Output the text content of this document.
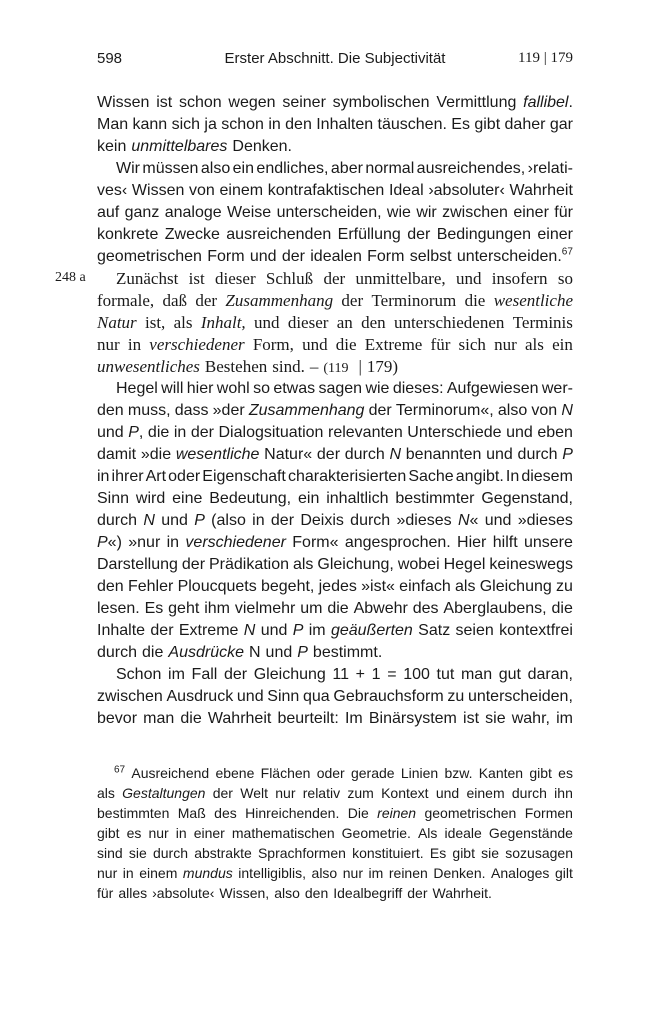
598	Erster Abschnitt. Die Subjectivität	119 | 179
248 a
Wissen ist schon wegen seiner symbolischen Vermittlung fallibel.
Man kann sich ja schon in den Inhalten täuschen. Es gibt daher gar
kein unmittelbares Denken.
Wir müssen also ein endliches, aber normal ausreichendes, ›relati-
ves‹ Wissen von einem kontrafaktischen Ideal ›absoluter‹ Wahrheit
auf ganz analoge Weise unterscheiden, wie wir zwischen einer für
konkrete Zwecke ausreichenden Erfüllung der Bedingungen einer
geometrischen Form und der idealen Form selbst unterscheiden.$^{67}$
Zunächst ist dieser Schluß der unmittelbare, und insofern so
formale, daß der Zusammenhang der Terminorum die wesentliche
Natur ist, als Inhalt, und dieser an den unterschiedenen Terminis
nur in verschiedener Form, und die Extreme für sich nur als ein
unwesentliches Bestehen sind. – (119 | 179)
Hegel will hier wohl so etwas sagen wie dieses: Aufgewiesen wer-
den muss, dass »der Zusammenhang der Terminorum«, also von N
und P, die in der Dialogsituation relevanten Unterschiede und eben
damit »die wesentliche Natur« der durch N benannten und durch P
in ihrer Art oder Eigenschaft charakterisierten Sache angibt. In diesem
Sinn wird eine Bedeutung, ein inhaltlich bestimmter Gegenstand,
durch N und P (also in der Deixis durch »dieses N« und »dieses
P«) »nur in verschiedener Form« angesprochen. Hier hilft unsere
Darstellung der Prädikation als Gleichung, wobei Hegel keineswegs
den Fehler Ploucquets begeht, jedes »ist« einfach als Gleichung zu
lesen. Es geht ihm vielmehr um die Abwehr des Aberglaubens, die
Inhalte der Extreme N und P im geäußerten Satz seien kontextfrei
durch die Ausdrücke N und P bestimmt.
Schon im Fall der Gleichung 11 + 1 = 100 tut man gut daran,
zwischen Ausdruck und Sinn qua Gebrauchsform zu unterscheiden,
bevor man die Wahrheit beurteilt: Im Binärsystem ist sie wahr, im
$^{67}$ Ausreichend ebene Flächen oder gerade Linien bzw. Kanten gibt es
als Gestaltungen der Welt nur relativ zum Kontext und einem durch ihn
bestimmten Maß des Hinreichenden. Die reinen geometrischen Formen
gibt es nur in einer mathematischen Geometrie. Als ideale Gegenstände
sind sie durch abstrakte Sprachformen konstituiert. Es gibt sie sozusagen
nur in einem mundus intelligiblis, also nur im reinen Denken. Analoges gilt
für alles ›absolute‹ Wissen, also den Idealbegriff der Wahrheit.
